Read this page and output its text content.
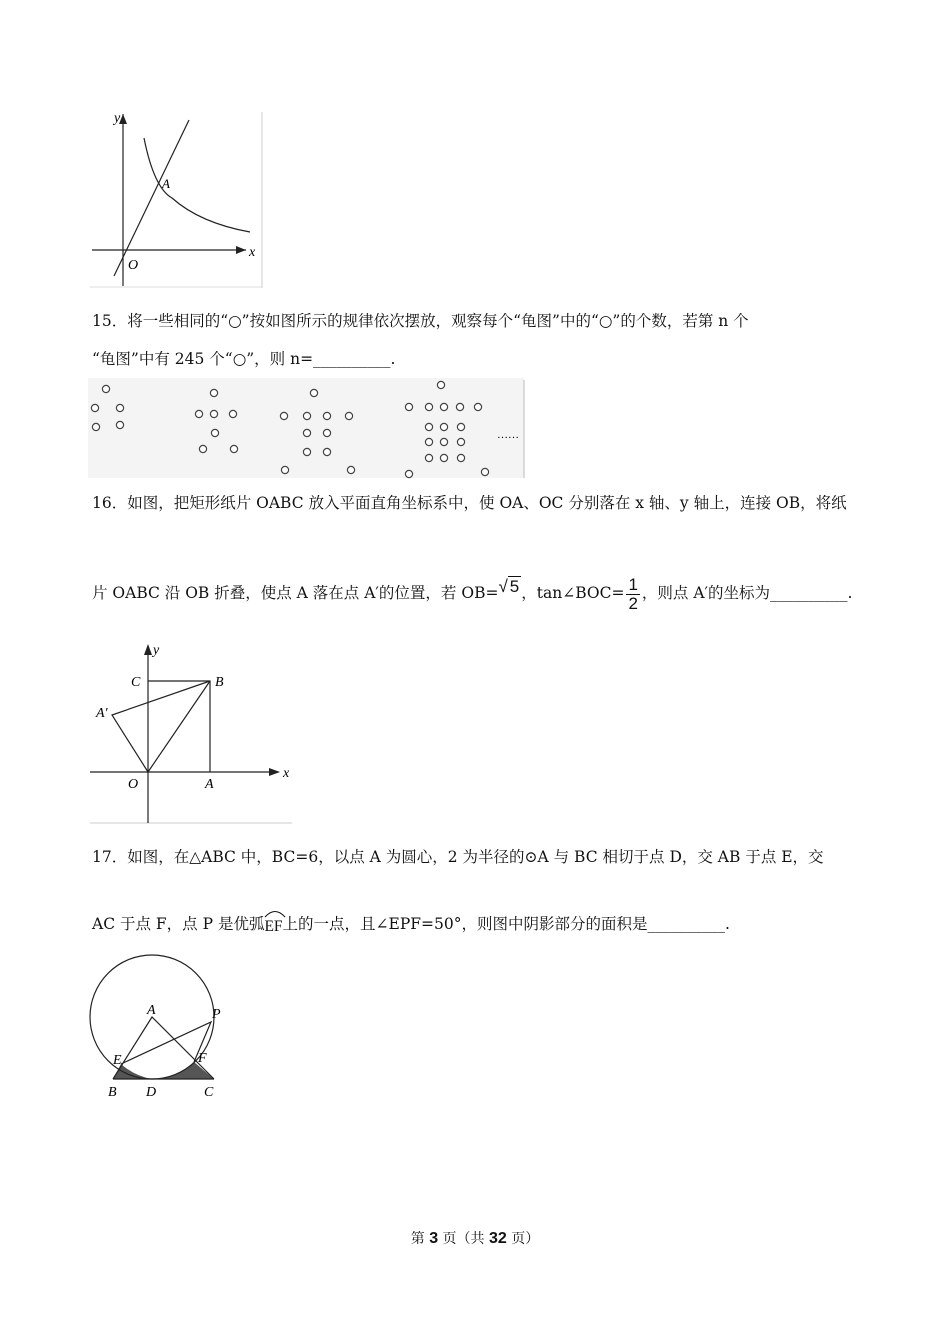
y
x
A
O
15．将一些相同的“○”按如图所示的规律依次摆放，观察每个“龟图”中的“○”的个数，若第 n 个
“龟图”中有 245 个“○”，则 n=__________.
……
16．如图，把矩形纸片 OABC 放入平面直角坐标系中，使 OA、OC 分别落在 x 轴、y 轴上，连接 OB，将纸
片 OABC 沿 OB 折叠，使点 A 落在点 A′的位置，若 OB=√ 5 ，tan∠BOC= $\frac{1}{2}$ ，则点 A′的坐标为__________.
y
x
C	B
A′
O	A
17．如图，在△ABC 中，BC=6，以点 A 为圆心，2 为半径的⊙A 与 BC 相切于点 D，交 AB 于点 E，交
AC 于点 F，点 P 是优弧
EF上的一点，且∠EPF=50°，则图中阴影部分的面积是__________.
A	P
E	F
B D	C
第 3 页（共 32 页）
